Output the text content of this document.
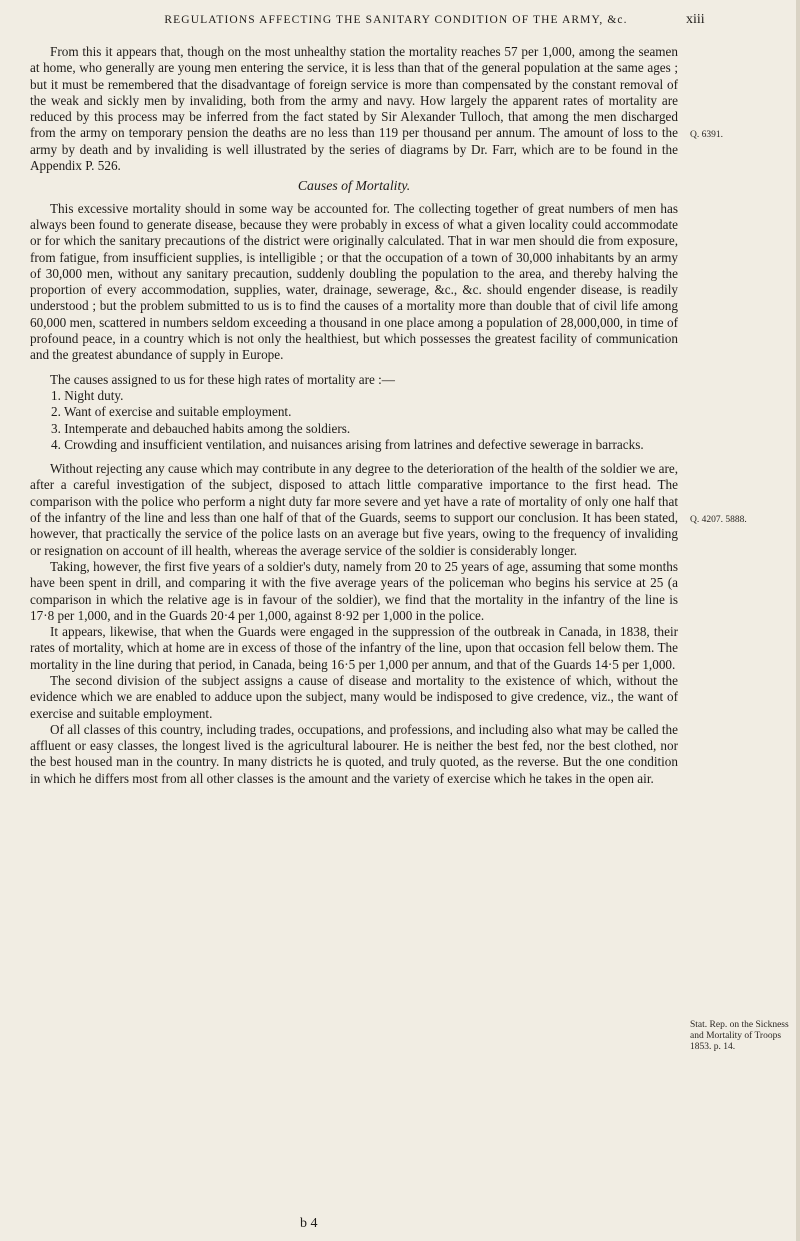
REGULATIONS AFFECTING THE SANITARY CONDITION OF THE ARMY, &c.	xiii

From this it appears that, though on the most unhealthy station the mortality reaches 57 per 1,000, among the seamen at home, who generally are young men entering the service, it is less than that of the general population at the same ages ; but it must be remembered that the disadvantage of foreign service is more than compensated by the constant removal of the weak and sickly men by invaliding, both from the army and navy. How largely the apparent rates of mortality are reduced by this process may be inferred from the fact stated by Sir Alexander Tulloch, that among the men discharged from the army on temporary pension the deaths are no less than 119 per thousand per annum. The amount of loss to the army by death and by invaliding is well illustrated by the series of diagrams by Dr. Farr, which are to be found in the Appendix P. 526.

Causes of Mortality.

This excessive mortality should in some way be accounted for. The collecting together of great numbers of men has always been found to generate disease, because they were probably in excess of what a given locality could accommodate or for which the sanitary precautions of the district were originally calculated. That in war men should die from exposure, from fatigue, from insufficient supplies, is intelligible ; or that the occupation of a town of 30,000 inhabitants by an army of 30,000 men, without any sanitary precaution, suddenly doubling the population to the area, and thereby halving the proportion of every accommodation, supplies, water, drainage, sewerage, &c., &c. should engender disease, is readily understood ; but the problem submitted to us is to find the causes of a mortality more than double that of civil life among 60,000 men, scattered in numbers seldom exceeding a thousand in one place among a population of 28,000,000, in time of profound peace, in a country which is not only the healthiest, but which possesses the greatest facility of communication and the greatest abundance of supply in Europe.

The causes assigned to us for these high rates of mortality are :—

1. Night duty.
2. Want of exercise and suitable employment.
3. Intemperate and debauched habits among the soldiers.
4. Crowding and insufficient ventilation, and nuisances arising from latrines and defective sewerage in barracks.

Without rejecting any cause which may contribute in any degree to the deterioration of the health of the soldier we are, after a careful investigation of the subject, disposed to attach little comparative importance to the first head. The comparison with the police who perform a night duty far more severe and yet have a rate of mortality of only one half that of the infantry of the line and less than one half of that of the Guards, seems to support our conclusion. It has been stated, however, that practically the service of the police lasts on an average but five years, owing to the frequency of invaliding or resignation on account of ill health, whereas the average service of the soldier is considerably longer.

Taking, however, the first five years of a soldier's duty, namely from 20 to 25 years of age, assuming that some months have been spent in drill, and comparing it with the five average years of the policeman who begins his service at 25 (a comparison in which the relative age is in favour of the soldier), we find that the mortality in the infantry of the line is 17·8 per 1,000, and in the Guards 20·4 per 1,000, against 8·92 per 1,000 in the police.

It appears, likewise, that when the Guards were engaged in the suppression of the outbreak in Canada, in 1838, their rates of mortality, which at home are in excess of those of the infantry of the line, upon that occasion fell below them. The mortality in the line during that period, in Canada, being 16·5 per 1,000 per annum, and that of the Guards 14·5 per 1,000.

The second division of the subject assigns a cause of disease and mortality to the existence of which, without the evidence which we are enabled to adduce upon the subject, many would be indisposed to give credence, viz., the want of exercise and suitable employment.

Of all classes of this country, including trades, occupations, and professions, and including also what may be called the affluent or easy classes, the longest lived is the agricultural labourer. He is neither the best fed, nor the best clothed, nor the best housed man in the country. In many districts he is quoted, and truly quoted, as the reverse. But the one condition in which he differs most from all other classes is the amount and the variety of exercise which he takes in the open air.

Q. 6391.
Q. 4207. 5888.
Stat. Rep. on the Sickness and Mortality of Troops 1853. p. 14.
b 4
